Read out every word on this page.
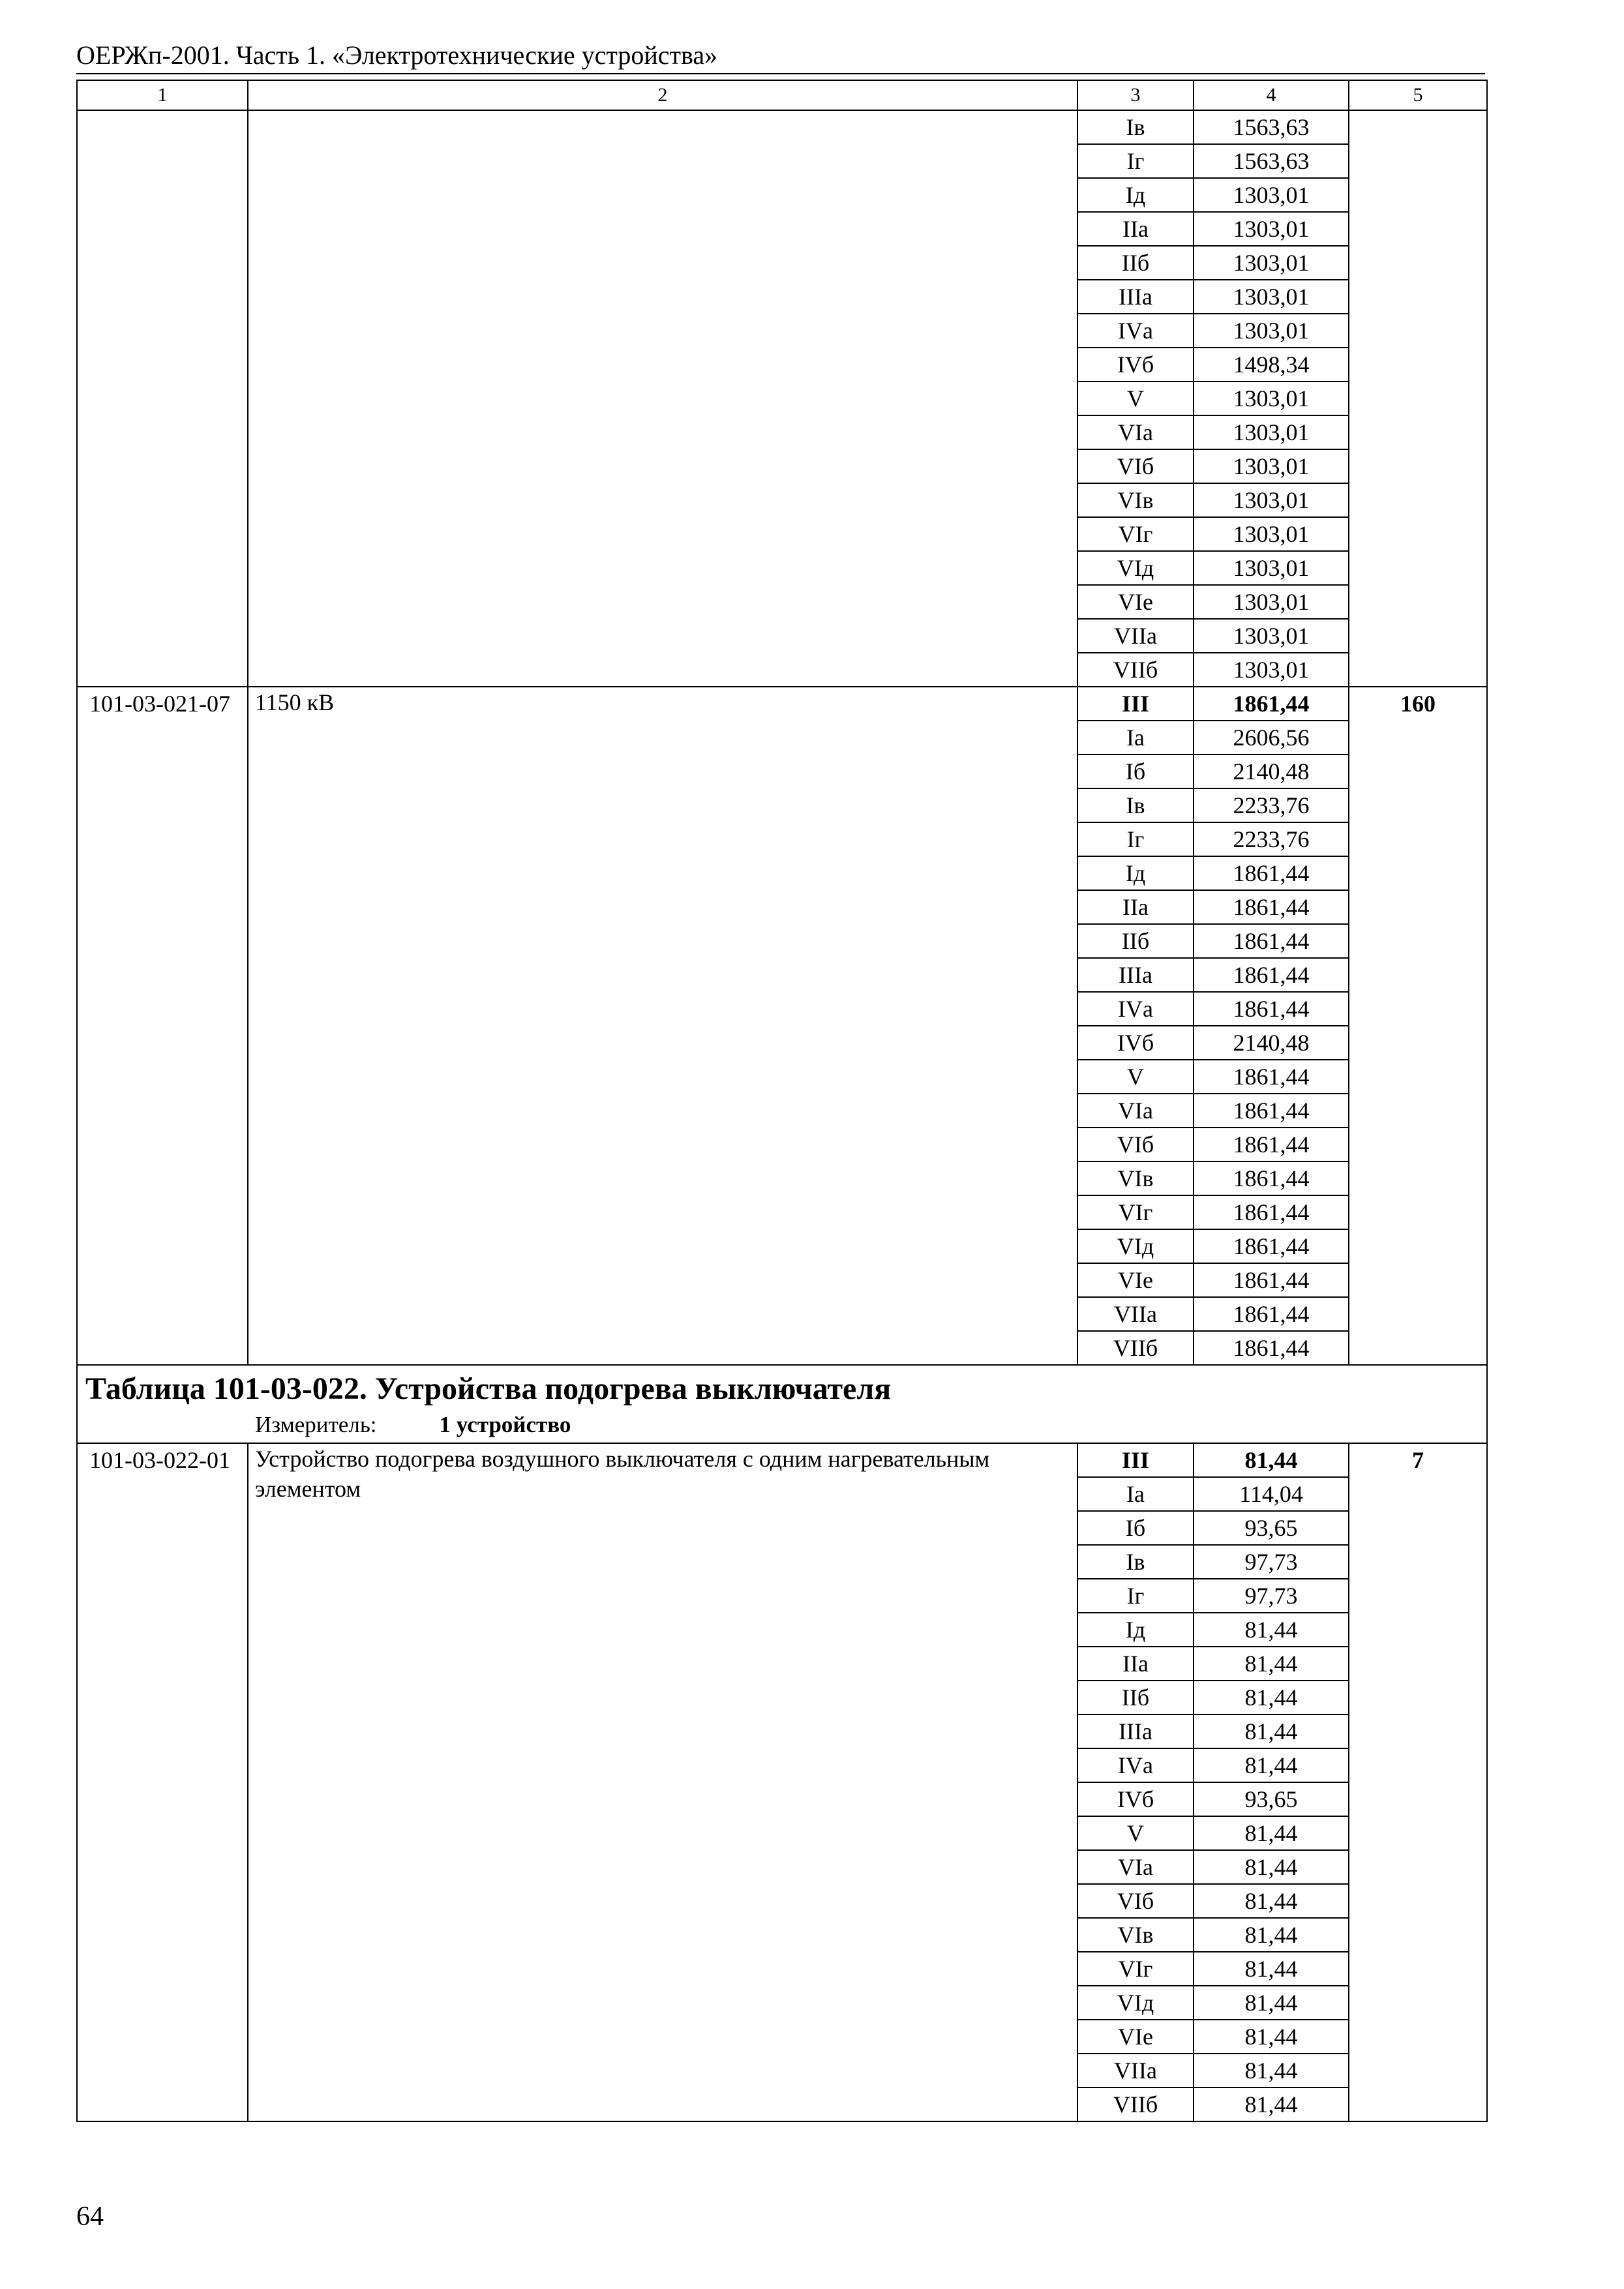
ОЕРЖп-2001. Часть 1. «Электротехнические устройства»
1	2	3	4	5
		Iв	1563,63	
		Iг	1563,63	
		Iд	1303,01	
		IIа	1303,01	
		IIб	1303,01	
		IIIа	1303,01	
		IVа	1303,01	
		IVб	1498,34	
		V	1303,01	
		VIа	1303,01	
		VIб	1303,01	
		VIв	1303,01	
		VIг	1303,01	
		VIд	1303,01	
		VIе	1303,01	
		VIIа	1303,01	
		VIIб	1303,01	
101-03-021-07	1150 кВ	III	1861,44	160
		Iа	2606,56	
		Iб	2140,48	
		Iв	2233,76	
		Iг	2233,76	
		Iд	1861,44	
		IIа	1861,44	
		IIб	1861,44	
		IIIа	1861,44	
		IVа	1861,44	
		IVб	2140,48	
		V	1861,44	
		VIа	1861,44	
		VIб	1861,44	
		VIв	1861,44	
		VIг	1861,44	
		VIд	1861,44	
		VIе	1861,44	
		VIIа	1861,44	
		VIIб	1861,44	

Таблица 101-03-022. Устройства подогрева выключателя
Измеритель: 1 устройство				

101-03-022-01	Устройство подогрева воздушного выключателя с одним нагревательным элементом	III	81,44	7
		Iа	114,04	
		Iб	93,65	
		Iв	97,73	
		Iг	97,73	
		Iд	81,44	
		IIа	81,44	
		IIб	81,44	
		IIIа	81,44	
		IVа	81,44	
		IVб	93,65	
		V	81,44	
		VIа	81,44	
		VIб	81,44	
		VIв	81,44	
		VIг	81,44	
		VIд	81,44	
		VIе	81,44	
		VIIа	81,44	
		VIIб	81,44	
64
